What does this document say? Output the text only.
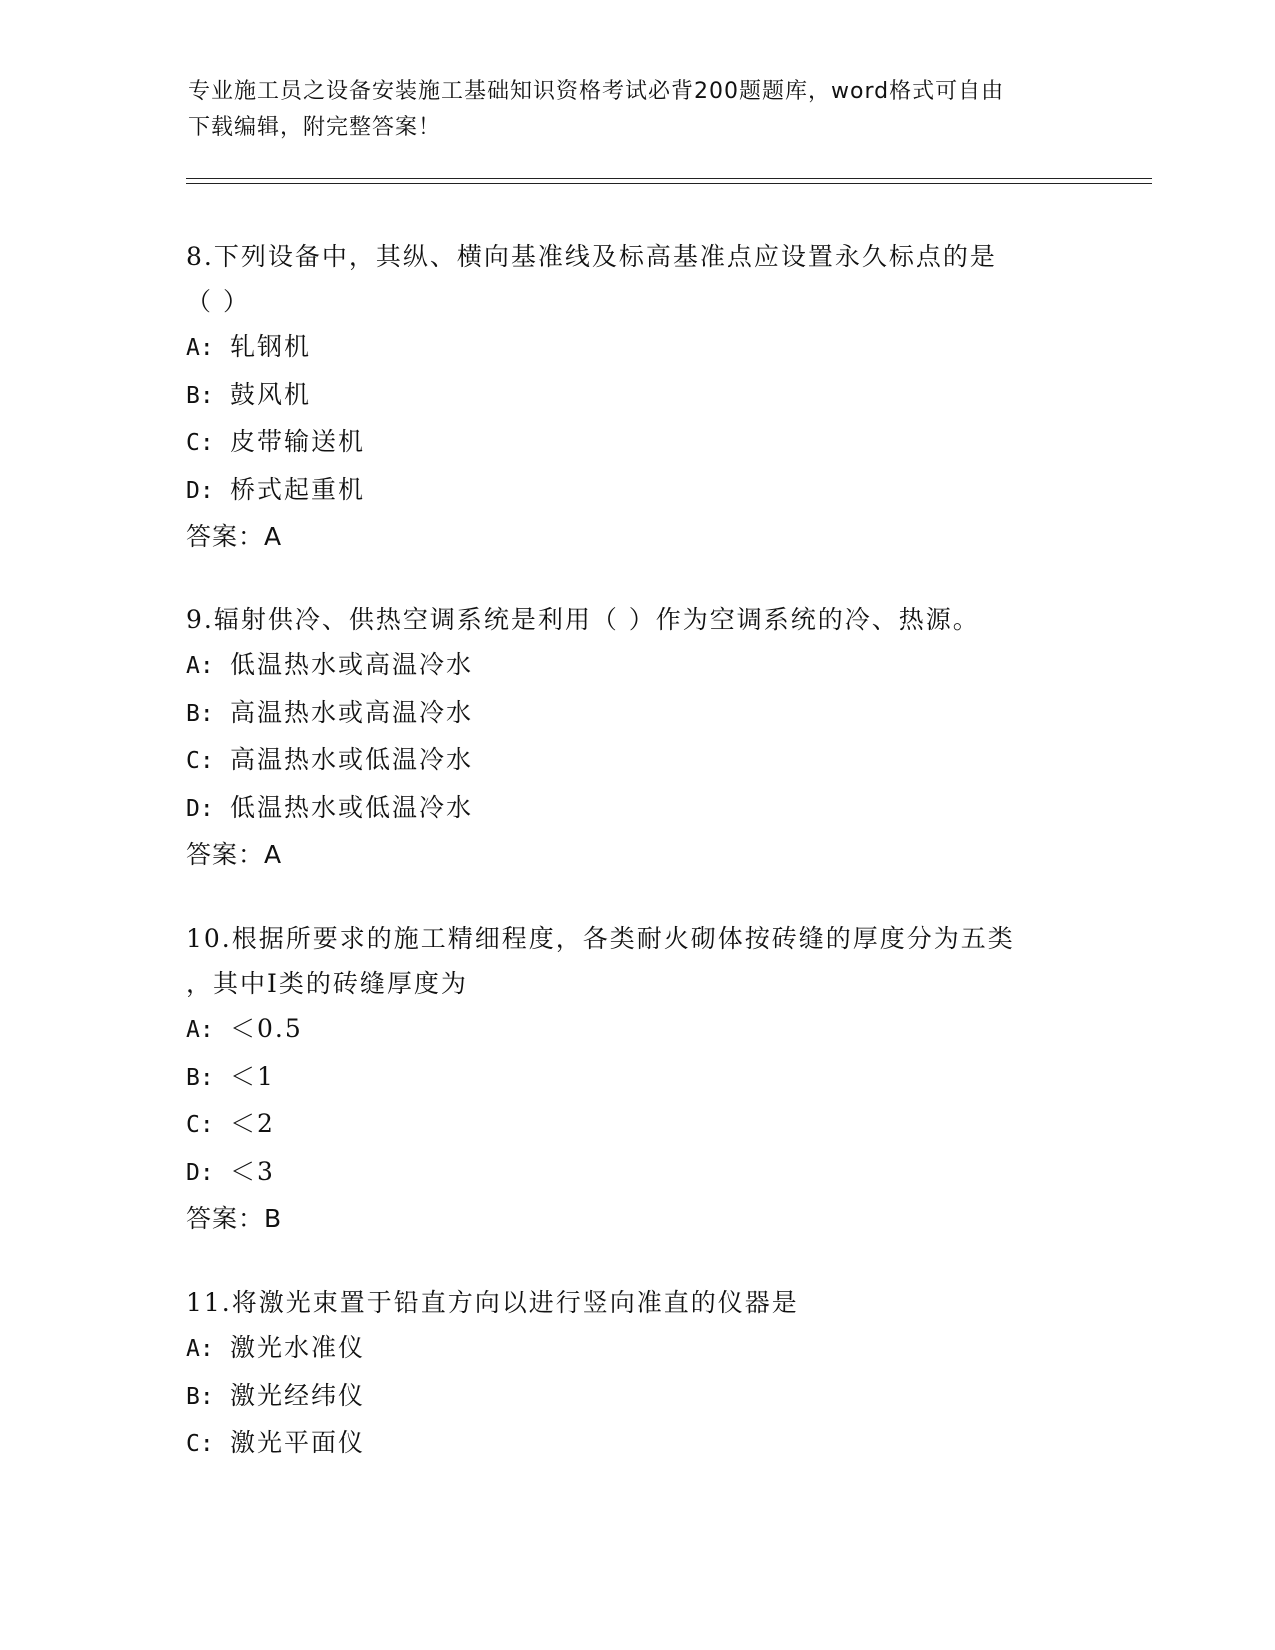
专业施工员之设备安装施工基础知识资格考试必背200题题库，word格式可自由
下载编辑，附完整答案！
8.下列设备中，其纵、横向基准线及标高基准点应设置永久标点的是
（ ）
A: 轧钢机
B: 鼓风机
C: 皮带输送机
D: 桥式起重机
答案：A
9.辐射供冷、供热空调系统是利用（ ）作为空调系统的冷、热源。
A: 低温热水或高温冷水
B: 高温热水或高温冷水
C: 高温热水或低温冷水
D: 低温热水或低温冷水
答案：A
10.根据所要求的施工精细程度，各类耐火砌体按砖缝的厚度分为五类
，其中I类的砖缝厚度为
A: ＜0.5
B: ＜1
C: ＜2
D: ＜3
答案：B
11.将激光束置于铅直方向以进行竖向准直的仪器是
A: 激光水准仪
B: 激光经纬仪
C: 激光平面仪
